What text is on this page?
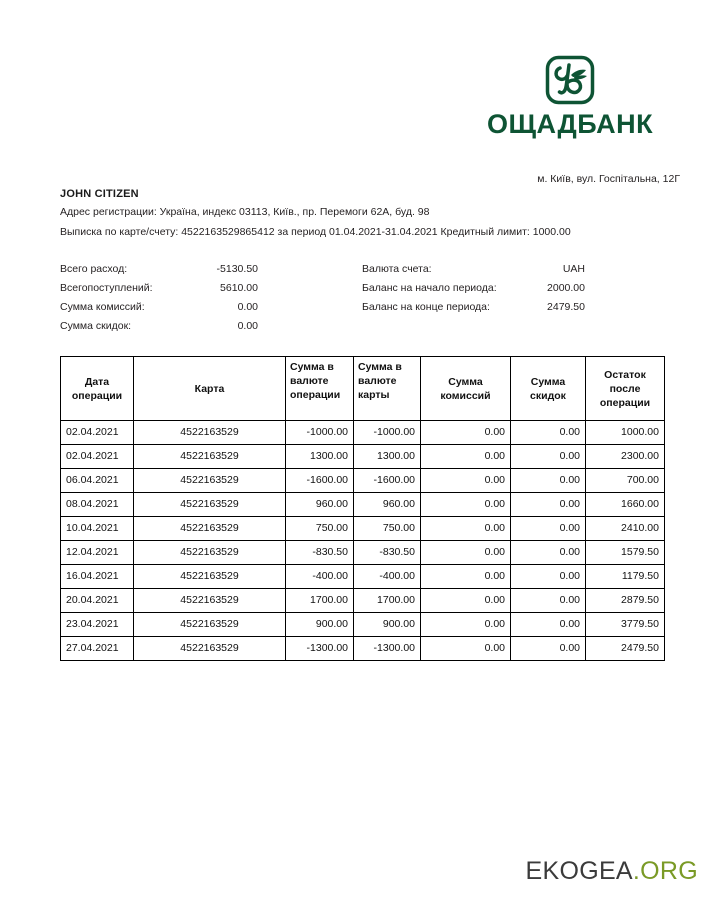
ОЩАДБАНК
м. Київ, вул. Госпітальна, 12Г
JOHN CITIZEN
Адрес регистрации: Україна, индекс 03113, Київ., пр. Перемоги 62А, буд. 98
Выписка по карте/счету: 4522163529865412 за период 01.04.2021-31.04.2021 Кредитный лимит: 1000.00
Всего расход:	-5130.50
Всегопоступлений:	5610.00
Сумма комиссий:	0.00
Сумма скидок:	0.00
Валюта счета:	UAH
Баланс на начало периода:	2000.00
Баланс на конце периода:	2479.50
Дата операции	Карта	Сумма в валюте операции	Сумма в валюте карты	Сумма комиссий	Сумма скидок	Остаток после операции
02.04.2021	4522163529	-1000.00	-1000.00	0.00	0.00	1000.00
02.04.2021	4522163529	1300.00	1300.00	0.00	0.00	2300.00
06.04.2021	4522163529	-1600.00	-1600.00	0.00	0.00	700.00
08.04.2021	4522163529	960.00	960.00	0.00	0.00	1660.00
10.04.2021	4522163529	750.00	750.00	0.00	0.00	2410.00
12.04.2021	4522163529	-830.50	-830.50	0.00	0.00	1579.50
16.04.2021	4522163529	-400.00	-400.00	0.00	0.00	1179.50
20.04.2021	4522163529	1700.00	1700.00	0.00	0.00	2879.50
23.04.2021	4522163529	900.00	900.00	0.00	0.00	3779.50
27.04.2021	4522163529	-1300.00	-1300.00	0.00	0.00	2479.50
EKOGEA.ORG
